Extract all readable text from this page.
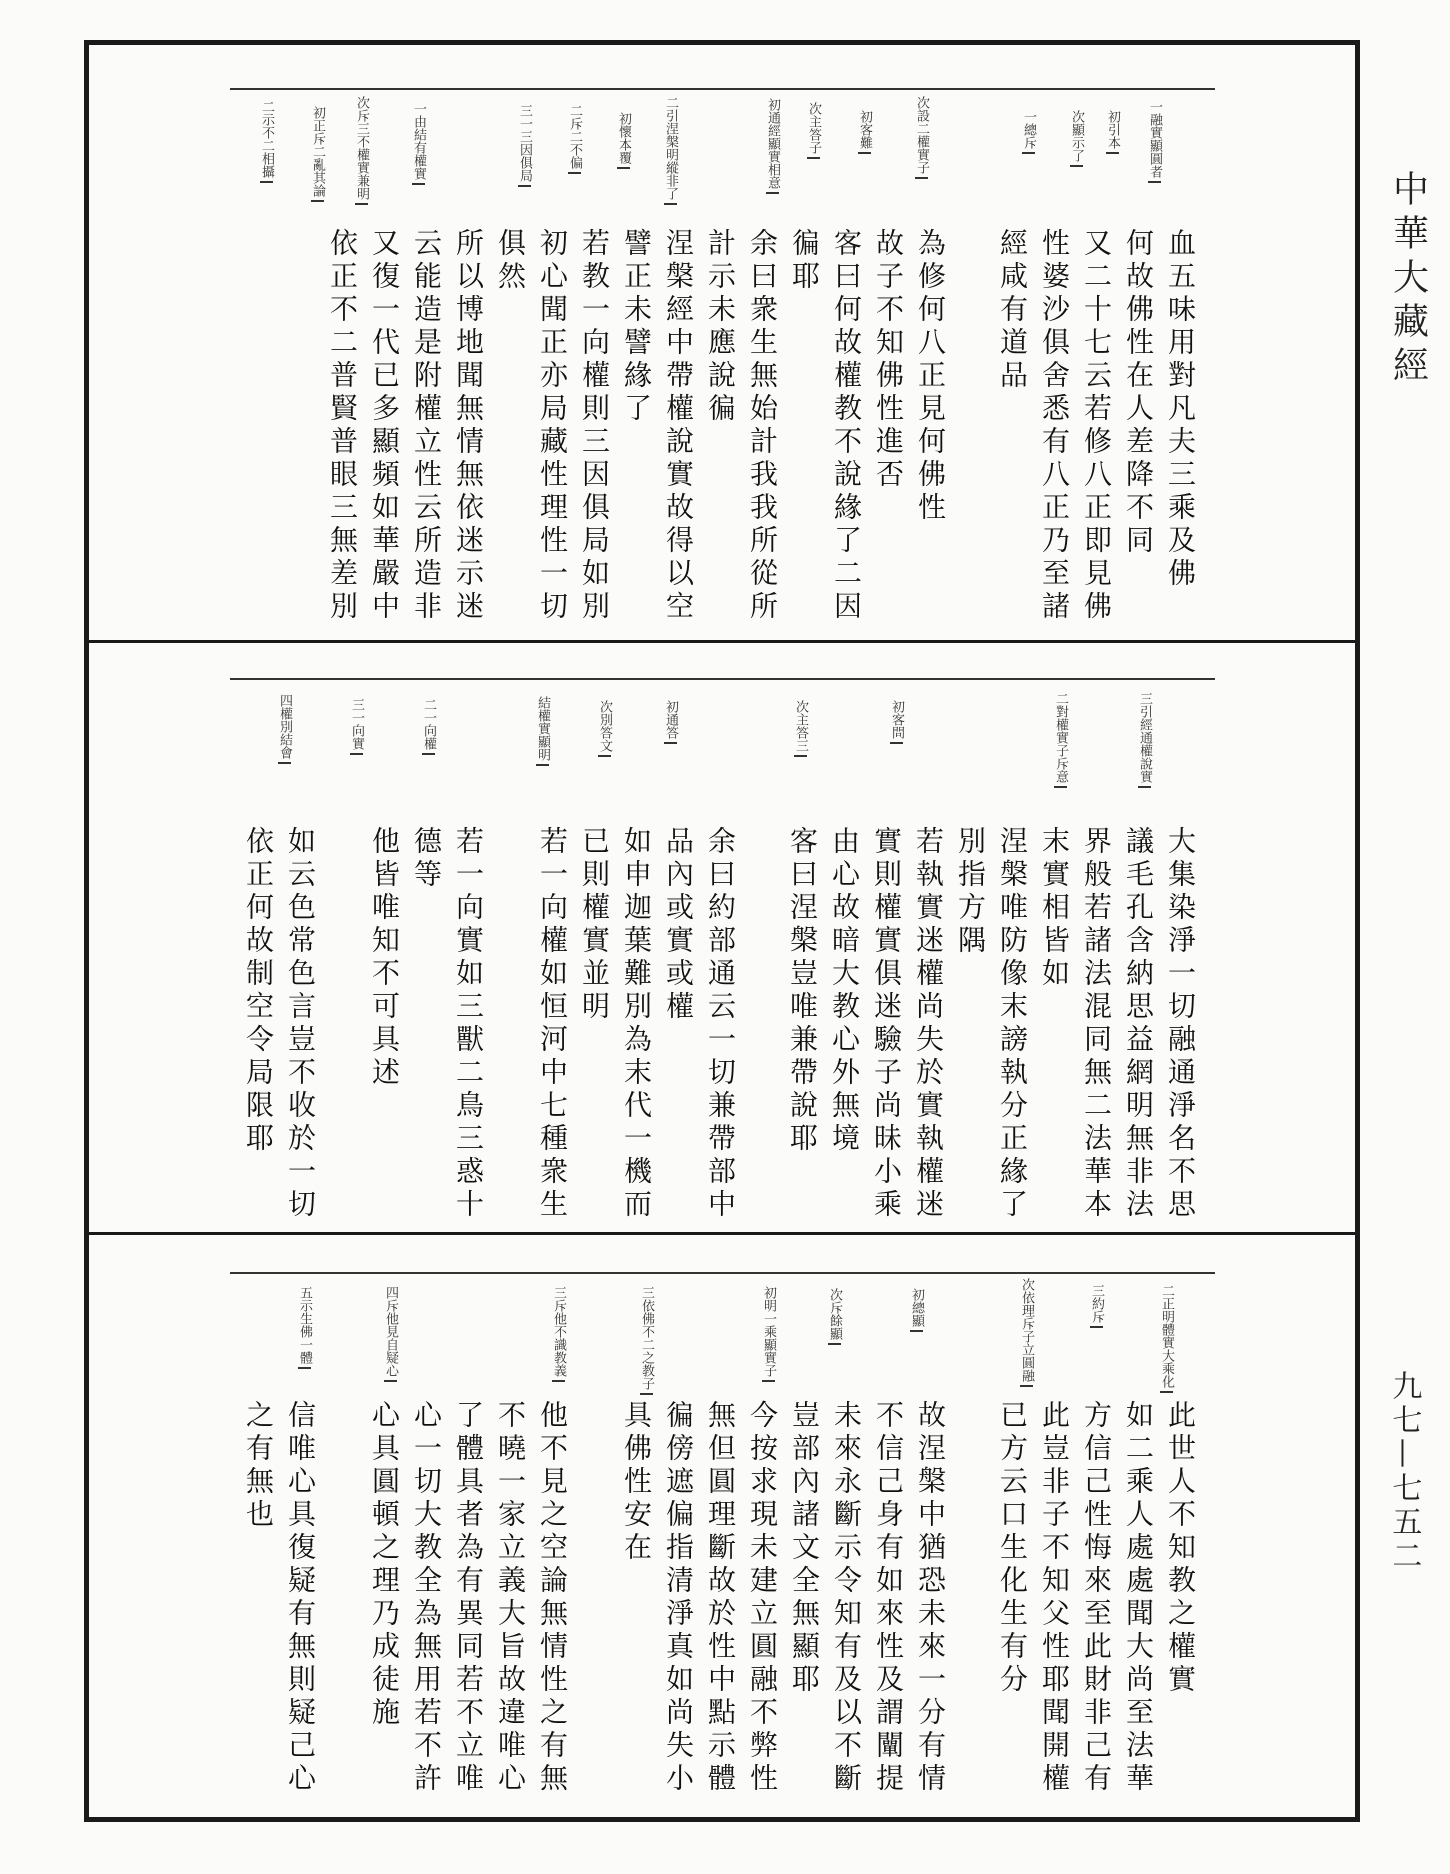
中華大藏經
九七—七五二
一融實顯圓者
初引本
次顯示了
一總斥
次設二權實子
初客難
次主答子
初通經顯實相意
二引涅槃明縱非了
初懷本覆
二斥二不偏
三一三因俱局
一由結有權實
次斥三不權實兼明
初正斥二亂其論
二示不二相攝
血五味用對凡夫三乘及佛
何故佛性在人差降不同
又二十七云若修八正即見佛
性婆沙俱舍悉有八正乃至諸
經咸有道品
為修何八正見何佛性
故子不知佛性進否
客曰何故權教不說緣了二因
徧耶
余曰衆生無始計我我所從所
計示未應說徧
涅槃經中帶權說實故得以空
譬正未譬緣了
若教一向權則三因俱局如別
初心聞正亦局藏性理性一切
俱然
所以博地聞無情無依迷示迷
云能造是附權立性云所造非
又復一代已多顯頻如華嚴中
依正不二普賢普眼三無差別
三引經通權說實
二對權實子斥意
初客問
次主答三
初通答
次別答文
結權實顯明
二一向權
三一向實
四權別結會
大集染淨一切融通淨名不思
議毛孔含納思益網明無非法
界般若諸法混同無二法華本
末實相皆如
涅槃唯防像末謗執分正緣了
別指方隅
若執實迷權尚失於實執權迷
實則權實俱迷驗子尚昧小乘
由心故暗大教心外無境
客曰涅槃豈唯兼帶說耶
余曰約部通云一切兼帶部中
品內或實或權
如申迦葉難別為末代一機而
已則權實並明
若一向權如恒河中七種衆生
若一向實如三獸二鳥三惑十
德等
他皆唯知不可具述
如云色常色言豈不收於一切
依正何故制空令局限耶
二正明體實大乘化
三約斥
次依理斥子立圓融
初總顯
次斥餘顯
初明一乘顯實子
三依佛不二之教子
三斥他不識教義
四斥他見自疑心
五示生佛一體
此世人不知教之權實
如二乘人處處聞大尚至法華
方信己性悔來至此財非己有
此豈非子不知父性耶聞開權
已方云口生化生有分
故涅槃中猶恐未來一分有情
不信己身有如來性及謂闡提
未來永斷示令知有及以不斷
豈部內諸文全無顯耶
今按求現未建立圓融不弊性
無但圓理斷故於性中點示體
徧傍遮偏指清淨真如尚失小
具佛性安在
他不見之空論無情性之有無
不曉一家立義大旨故違唯心
了體具者為有異同若不立唯
心一切大教全為無用若不許
心具圓頓之理乃成徒施
信唯心具復疑有無則疑己心
之有無也
